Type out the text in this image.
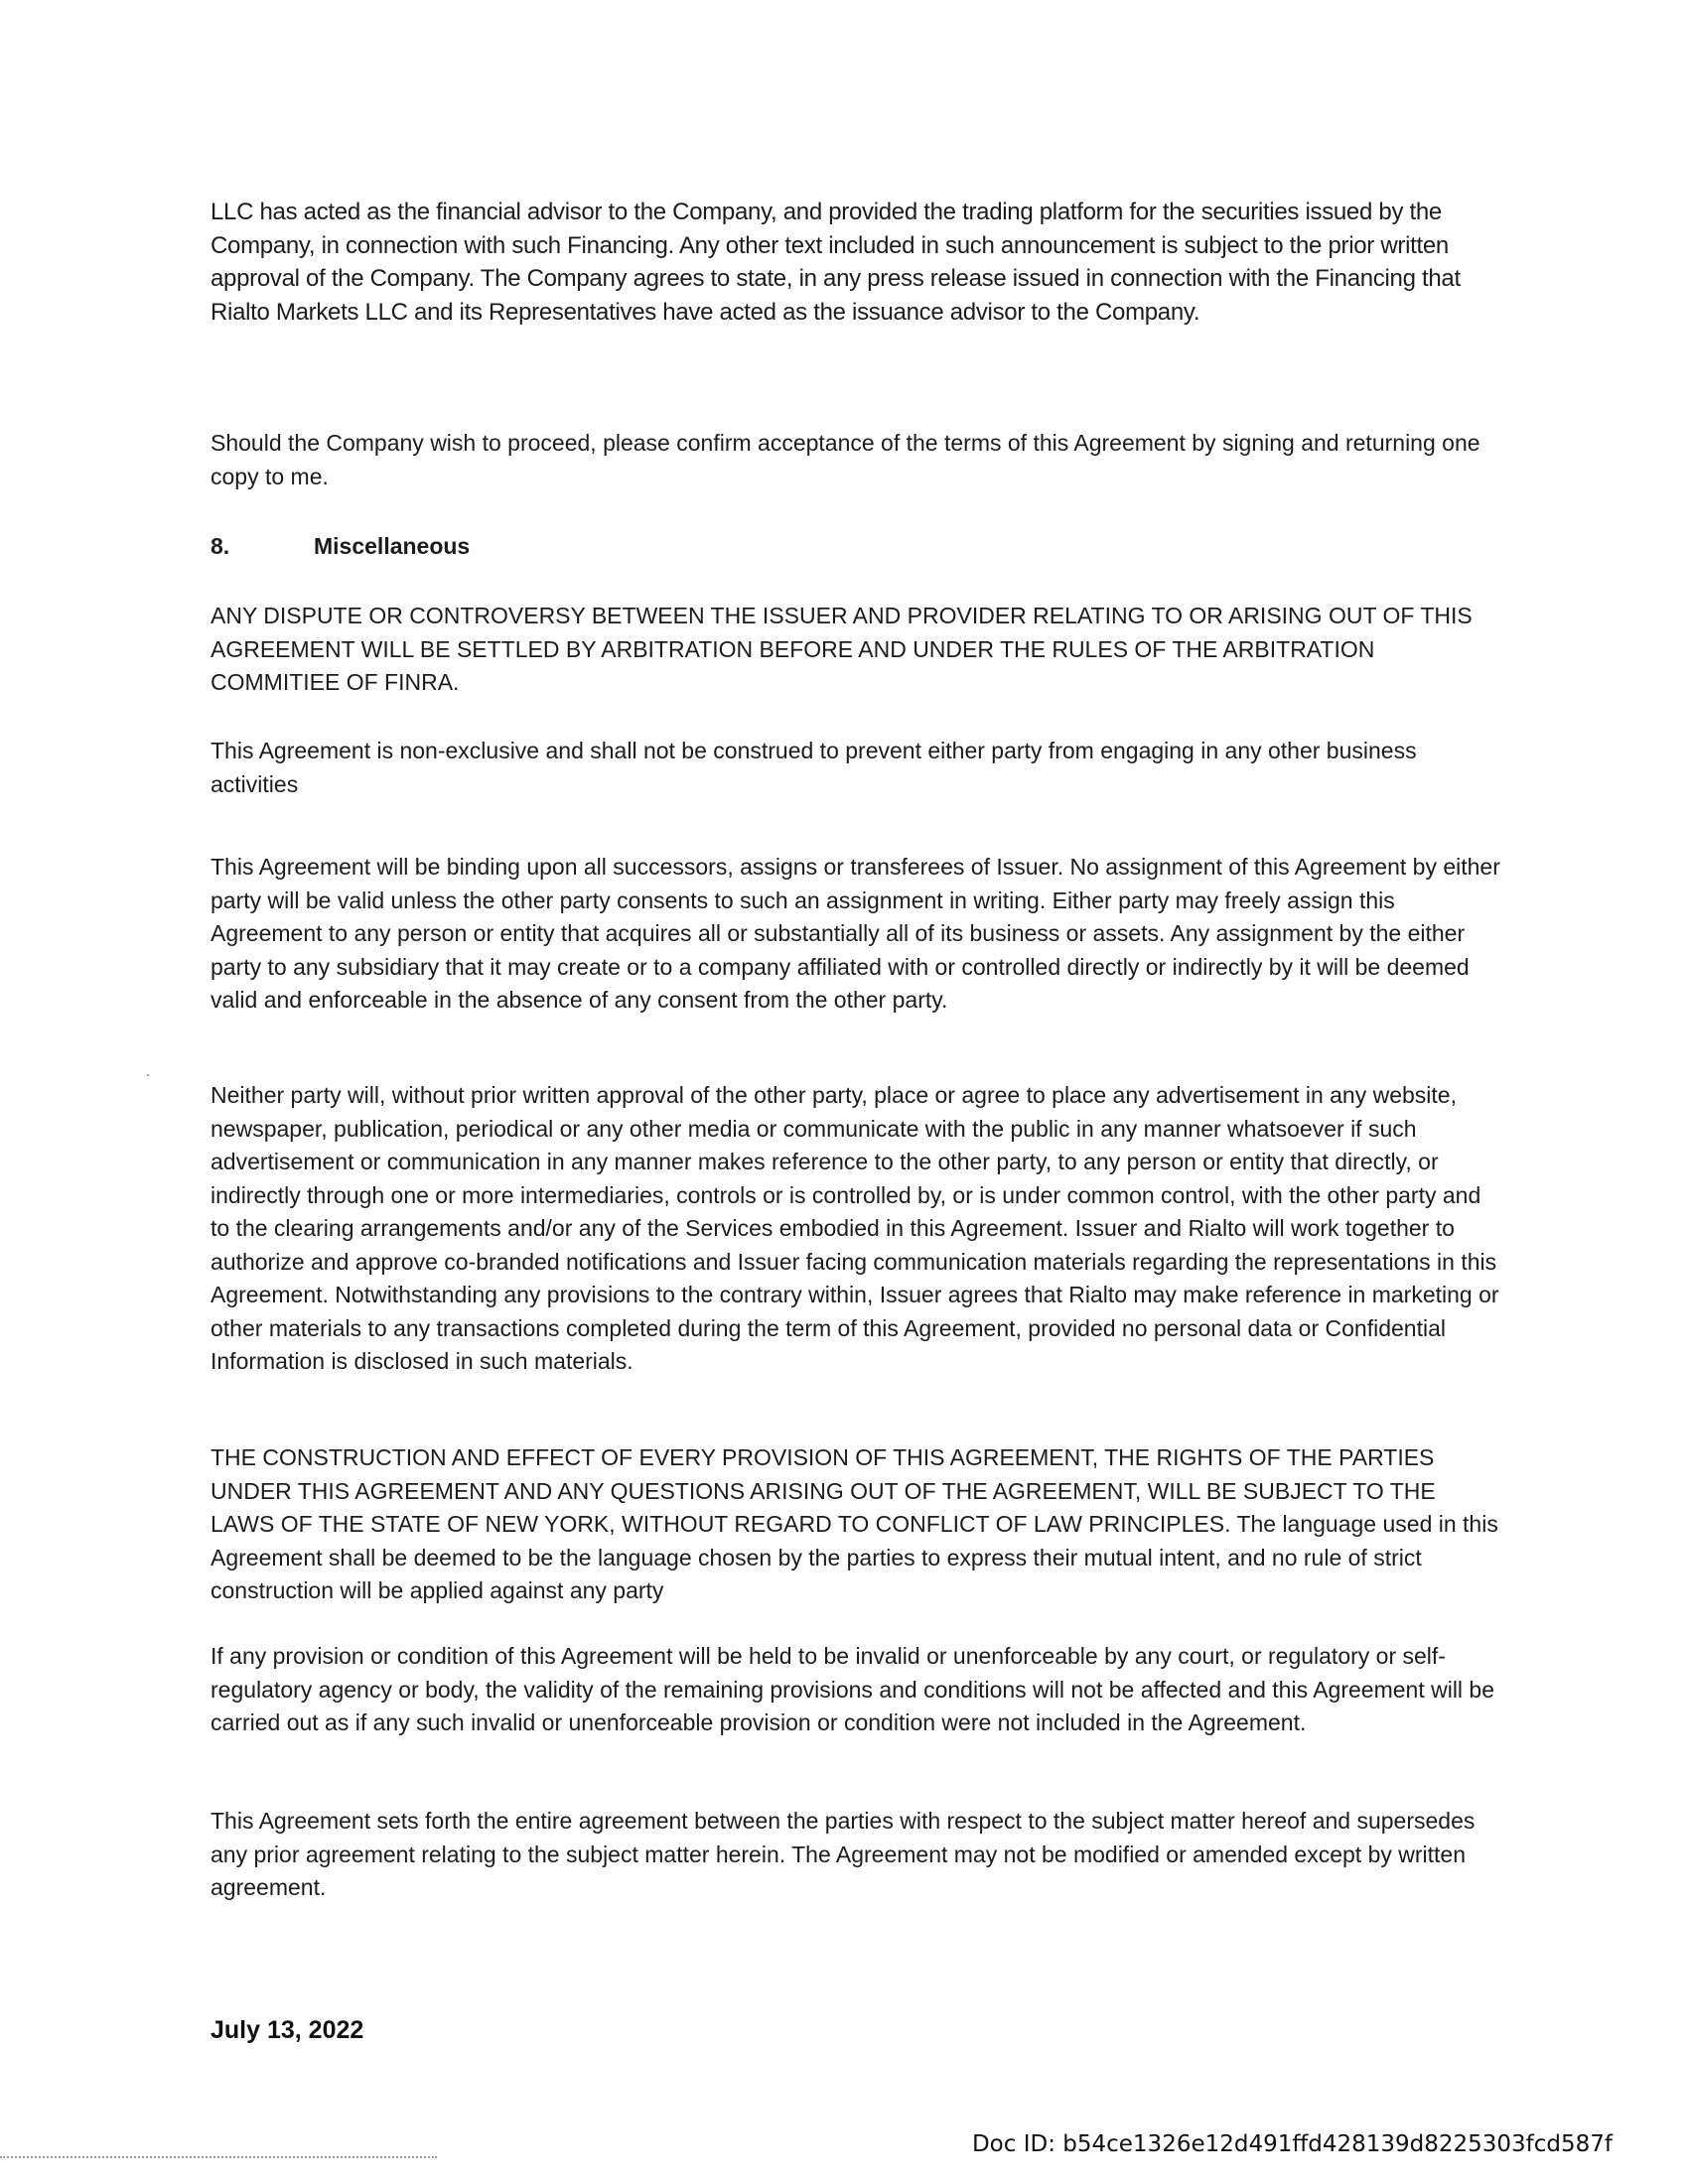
LLC has acted as the financial advisor to the Company, and provided the trading platform for the securities issued by the Company, in connection with such Financing. Any other text included in such announcement is subject to the prior written approval of the Company. The Company agrees to state, in any press release issued in connection with the Financing that Rialto Markets LLC and its Representatives have acted as the issuance advisor to the Company.

Should the Company wish to proceed, please confirm acceptance of the terms of this Agreement by signing and returning one copy to me.

8.	Miscellaneous

ANY DISPUTE OR CONTROVERSY BETWEEN THE ISSUER AND PROVIDER RELATING TO OR ARISING OUT OF THIS AGREEMENT WILL BE SETTLED BY ARBITRATION BEFORE AND UNDER THE RULES OF THE ARBITRATION COMMITIEE OF FINRA.

This Agreement is non-exclusive and shall not be construed to prevent either party from engaging in any other business activities

This Agreement will be binding upon all successors, assigns or transferees of Issuer. No assignment of this Agreement by either party will be valid unless the other party consents to such an assignment in writing. Either party may freely assign this Agreement to any person or entity that acquires all or substantially all of its business or assets. Any assignment by the either party to any subsidiary that it may create or to a company affiliated with or controlled directly or indirectly by it will be deemed valid and enforceable in the absence of any consent from the other party.

Neither party will, without prior written approval of the other party, place or agree to place any advertisement in any website, newspaper, publication, periodical or any other media or communicate with the public in any manner whatsoever if such advertisement or communication in any manner makes reference to the other party, to any person or entity that directly, or indirectly through one or more intermediaries, controls or is controlled by, or is under common control, with the other party and to the clearing arrangements and/or any of the Services embodied in this Agreement. Issuer and Rialto will work together to authorize and approve co-branded notifications and Issuer facing communication materials regarding the representations in this Agreement. Notwithstanding any provisions to the contrary within, Issuer agrees that Rialto may make reference in marketing or other materials to any transactions completed during the term of this Agreement, provided no personal data or Confidential Information is disclosed in such materials.

THE CONSTRUCTION AND EFFECT OF EVERY PROVISION OF THIS AGREEMENT, THE RIGHTS OF THE PARTIES UNDER THIS AGREEMENT AND ANY QUESTIONS ARISING OUT OF THE AGREEMENT, WILL BE SUBJECT TO THE LAWS OF THE STATE OF NEW YORK, WITHOUT REGARD TO CONFLICT OF LAW PRINCIPLES. The language used in this Agreement shall be deemed to be the language chosen by the parties to express their mutual intent, and no rule of strict construction will be applied against any party

If any provision or condition of this Agreement will be held to be invalid or unenforceable by any court, or regulatory or self-regulatory agency or body, the validity of the remaining provisions and conditions will not be affected and this Agreement will be carried out as if any such invalid or unenforceable provision or condition were not included in the Agreement.

This Agreement sets forth the entire agreement between the parties with respect to the subject matter hereof and supersedes any prior agreement relating to the subject matter herein. The Agreement may not be modified or amended except by written agreement.

July 13, 2022
Doc ID: b54ce1326e12d491ffd428139d8225303fcd587f
